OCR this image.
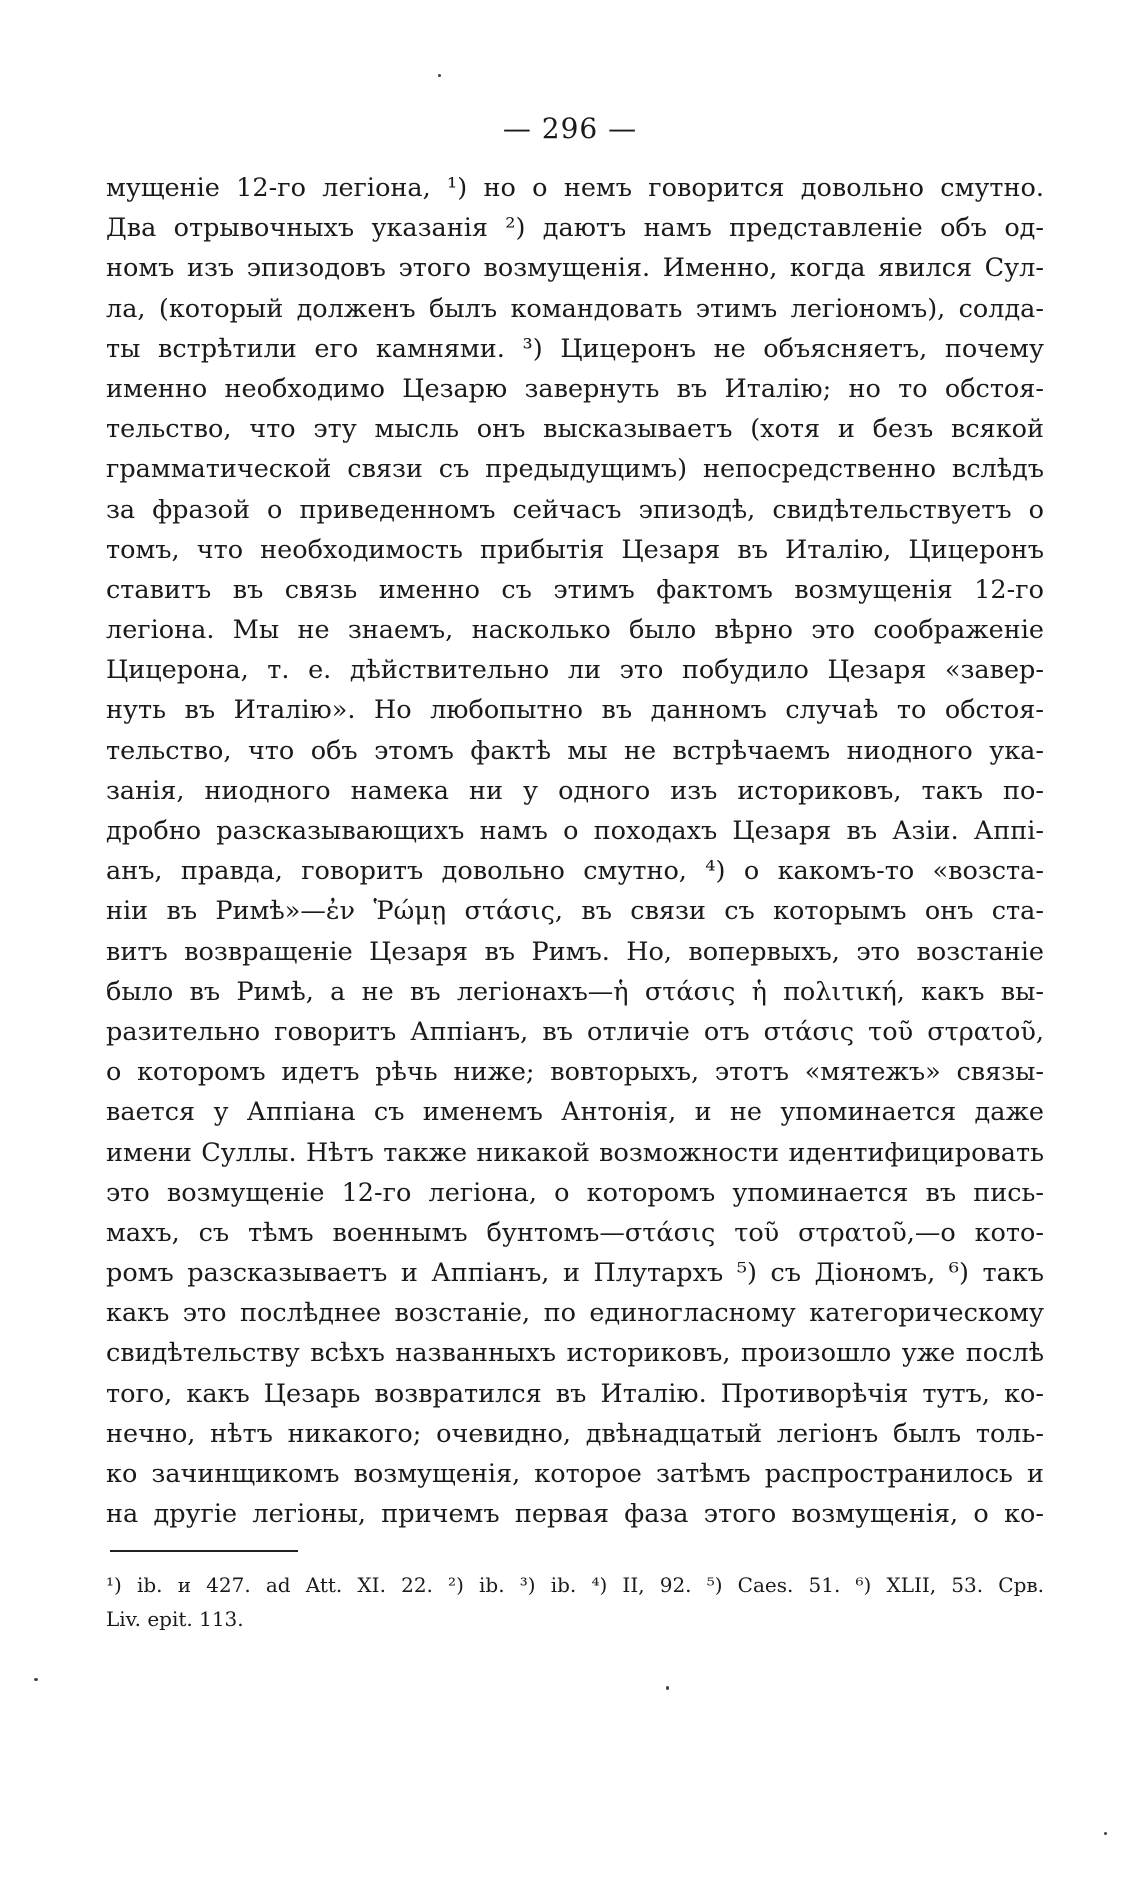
— 296 —
мущеніе 12-го легіона, ¹) но о немъ говорится довольно смутно.
Два отрывочныхъ указанія ²) даютъ намъ представленіе объ од-
номъ изъ эпизодовъ этого возмущенія. Именно, когда явился Сул-
ла, (который долженъ былъ командовать этимъ легіономъ), солда-
ты встрѣтили его камнями. ³) Цицеронъ не объясняетъ, почему
именно необходимо Цезарю завернуть въ Италію; но то обстоя-
тельство, что эту мысль онъ высказываетъ (хотя и безъ всякой
грамматической связи съ предыдущимъ) непосредственно вслѣдъ
за фразой о приведенномъ сейчасъ эпизодѣ, свидѣтельствуетъ о
томъ, что необходимость прибытія Цезаря въ Италію, Цицеронъ
ставитъ въ связь именно съ этимъ фактомъ возмущенія 12-го
легіона. Мы не знаемъ, насколько было вѣрно это соображеніе
Цицерона, т. е. дѣйствительно ли это побудило Цезаря «завер-
нуть въ Италію». Но любопытно въ данномъ случаѣ то обстоя-
тельство, что объ этомъ фактѣ мы не встрѣчаемъ ниодного ука-
занія, ниодного намека ни у одного изъ историковъ, такъ по-
дробно разсказывающихъ намъ о походахъ Цезаря въ Азіи. Аппі-
анъ, правда, говоритъ довольно смутно, ⁴) о какомъ-то «возста-
ніи въ Римѣ»—ἐν Ῥώμῃ στάσις, въ связи съ которымъ онъ ста-
витъ возвращеніе Цезаря въ Римъ. Но, вопервыхъ, это возстаніе
было въ Римѣ, а не въ легіонахъ—ἡ στάσις ἡ πολιτική, какъ вы-
разительно говоритъ Аппіанъ, въ отличіе отъ στάσις τοῦ στρατοῦ,
о которомъ идетъ рѣчь ниже; вовторыхъ, этотъ «мятежъ» связы-
вается у Аппіана съ именемъ Антонія, и не упоминается даже
имени Суллы. Нѣтъ также никакой возможности идентифицировать
это возмущеніе 12-го легіона, о которомъ упоминается въ пись-
махъ, съ тѣмъ военнымъ бунтомъ—στάσις τοῦ στρατοῦ,—о кото-
ромъ разсказываетъ и Аппіанъ, и Плутархъ ⁵) съ Діономъ, ⁶) такъ
какъ это послѣднее возстаніе, по единогласному категорическому
свидѣтельству всѣхъ названныхъ историковъ, произошло уже послѣ
того, какъ Цезарь возвратился въ Италію. Противорѣчія тутъ, ко-
нечно, нѣтъ никакого; очевидно, двѣнадцатый легіонъ былъ толь-
ко зачинщикомъ возмущенія, которое затѣмъ распространилось и
на другіе легіоны, причемъ первая фаза этого возмущенія, о ко-
¹) ib. и 427. ad Att. XI. 22. ²) ib. ³) ib. ⁴) II, 92. ⁵) Caes. 51. ⁶) XLII, 53. Срв.
Liv. epit. 113.
